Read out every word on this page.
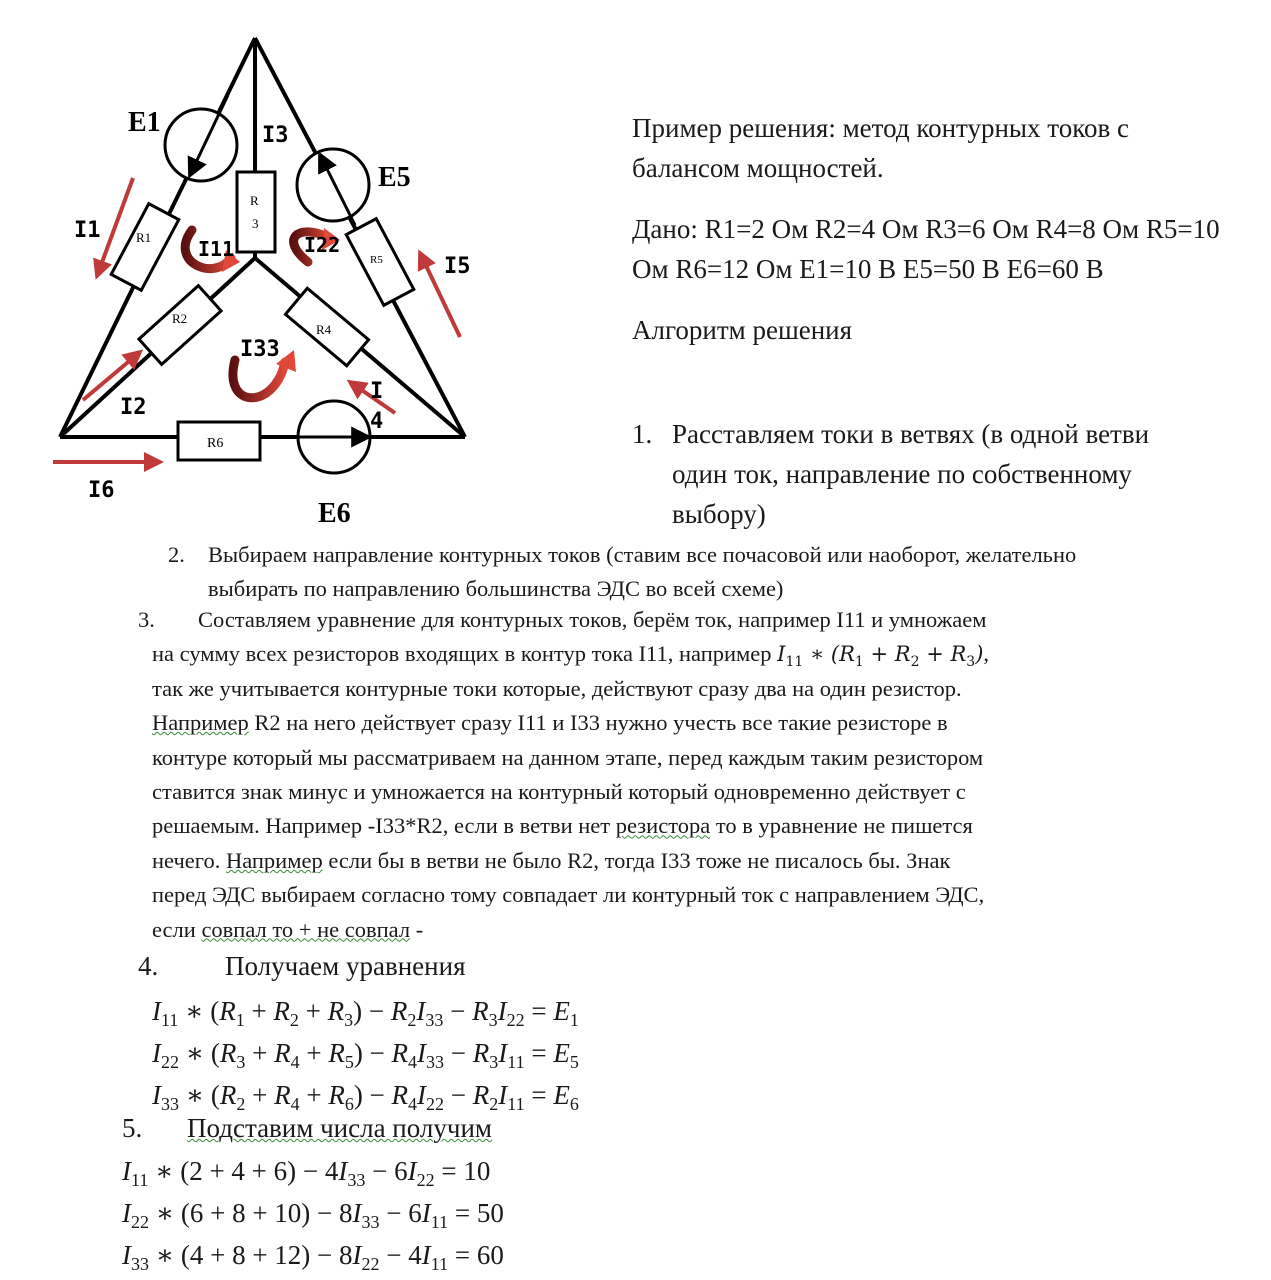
R1
R
3
R5
R2
R4
R6
I1
I3
I5
I2
I
4
I6
I11	I22
I33
E1
E5
E6

Пример решения: метод контурных токов с балансом мощностей.

Дано: R1=2 Ом R2=4 Ом R3=6 Ом R4=8 Ом R5=10 Ом R6=12 Ом E1=10 В E5=50 В E6=60 В

Алгоритм решения

1. Расставляем токи в ветвях (в одной ветви один ток, направление по собственному выбору)
2. Выбираем направление контурных токов (ставим все почасовой или наоборот, желательно выбирать по направлению большинства ЭДС во всей схеме)
3. Составляем уравнение для контурных токов, берём ток, например I11 и умножаем
на сумму всех резисторов входящих в контур тока I11, например $I_{11}$ ∗ $(R_1 + R_2 + R_3)$,
так же учитывается контурные токи которые, действуют сразу два на один резистор.
Например R2 на него действует сразу I11 и I33 нужно учесть все такие резисторе в
контуре который мы рассматриваем на данном этапе, перед каждым таким резистором
ставится знак минус и умножается на контурный который одновременно действует с
решаемым. Например -I33*R2, если в ветви нет резистора то в уравнение не пишется
нечего. Например если бы в ветви не было R2, тогда I33 тоже не писалось бы. Знак
перед ЭДС выбираем согласно тому совпадает ли контурный ток с направлением ЭДС,
если совпал то + не совпал -
4. Получаем уравнения
$I_{11}$ ∗ $(R_1 + R_2 + R_3) - R_2I_{33} - R_3I_{22} = E_1$
$I_{22}$ ∗ $(R_3 + R_4 + R_5) - R_4I_{33} - R_3I_{11} = E_5$
$I_{33}$ ∗ $(R_2 + R_4 + R_6) - R_4I_{22} - R_2I_{11} = E_6$
5. Подставим числа получим
$I_{11}$ ∗ $(2 + 4 + 6) - 4I_{33} - 6I_{22} = 10$
$I_{22}$ ∗ $(6 + 8 + 10) - 8I_{33} - 6I_{11} = 50$
$I_{33}$ ∗ $(4 + 8 + 12) - 8I_{22} - 4I_{11} = 60$
